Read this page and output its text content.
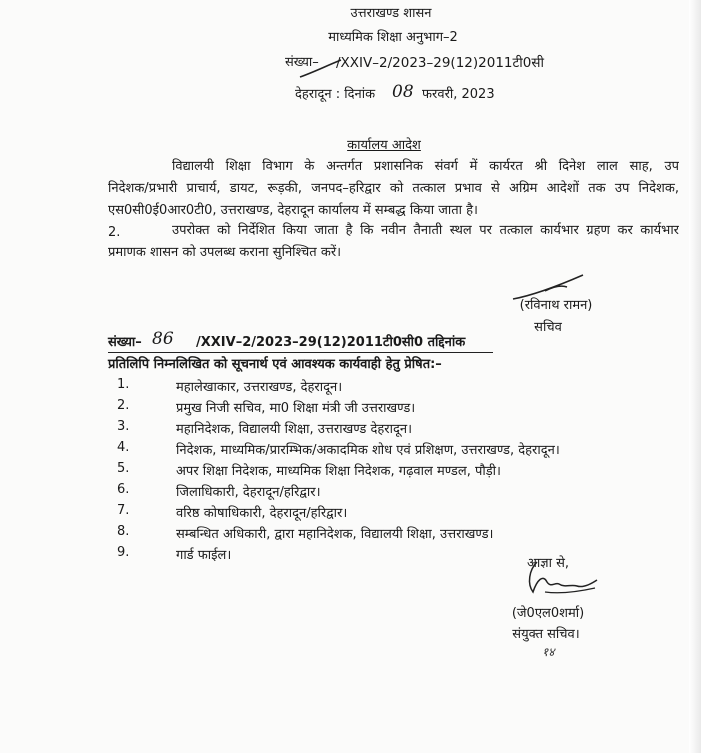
उत्तराखण्ड शासन
माध्यमिक शिक्षा अनुभाग–2
संख्या– /XXIV–2/2023–29(12)2011टी0सी
देहरादून : दिनांक 08 फरवरी, 2023
कार्यालय आदेश
विद्यालयी शिक्षा विभाग के अन्तर्गत प्रशासनिक संवर्ग में कार्यरत श्री दिनेश लाल साह, उप
निदेशक/प्रभारी प्राचार्य, डायट, रूड़की, जनपद–हरिद्वार को तत्काल प्रभाव से अग्रिम आदेशों तक उप निदेशक,
एस0सी0ई0आर0टी0, उत्तराखण्ड, देहरादून कार्यालय में सम्बद्ध किया जाता है।
2.	उपरोक्त को निर्देशित किया जाता है कि नवीन तैनाती स्थल पर तत्काल कार्यभार ग्रहण कर कार्यभार
प्रमाणक शासन को उपलब्ध कराना सुनिश्चित करें।
(रविनाथ रामन)
सचिव
संख्या– 86 /XXIV–2/2023–29(12)2011टी0सी0 तद्दिनांक
प्रतिलिपि निम्नलिखित को सूचनार्थ एवं आवश्यक कार्यवाही हेतु प्रेषित:–
1.	महालेखाकार, उत्तराखण्ड, देहरादून।
2.	प्रमुख निजी सचिव, मा0 शिक्षा मंत्री जी उत्तराखण्ड।
3.	महानिदेशक, विद्यालयी शिक्षा, उत्तराखण्ड देहरादून।
4.	निदेशक, माध्यमिक/प्रारम्भिक/अकादमिक शोध एवं प्रशिक्षण, उत्तराखण्ड, देहरादून।
5.	अपर शिक्षा निदेशक, माध्यमिक शिक्षा निदेशक, गढ़वाल मण्डल, पौड़ी।
6.	जिलाधिकारी, देहरादून/हरिद्वार।
7.	वरिष्ठ कोषाधिकारी, देहरादून/हरिद्वार।
8.	सम्बन्धित अधिकारी, द्वारा महानिदेशक, विद्यालयी शिक्षा, उत्तराखण्ड।
9.	गार्ड फाईल।
आज्ञा से,
(जे0एल0शर्मा)
संयुक्त सचिव।
१४
